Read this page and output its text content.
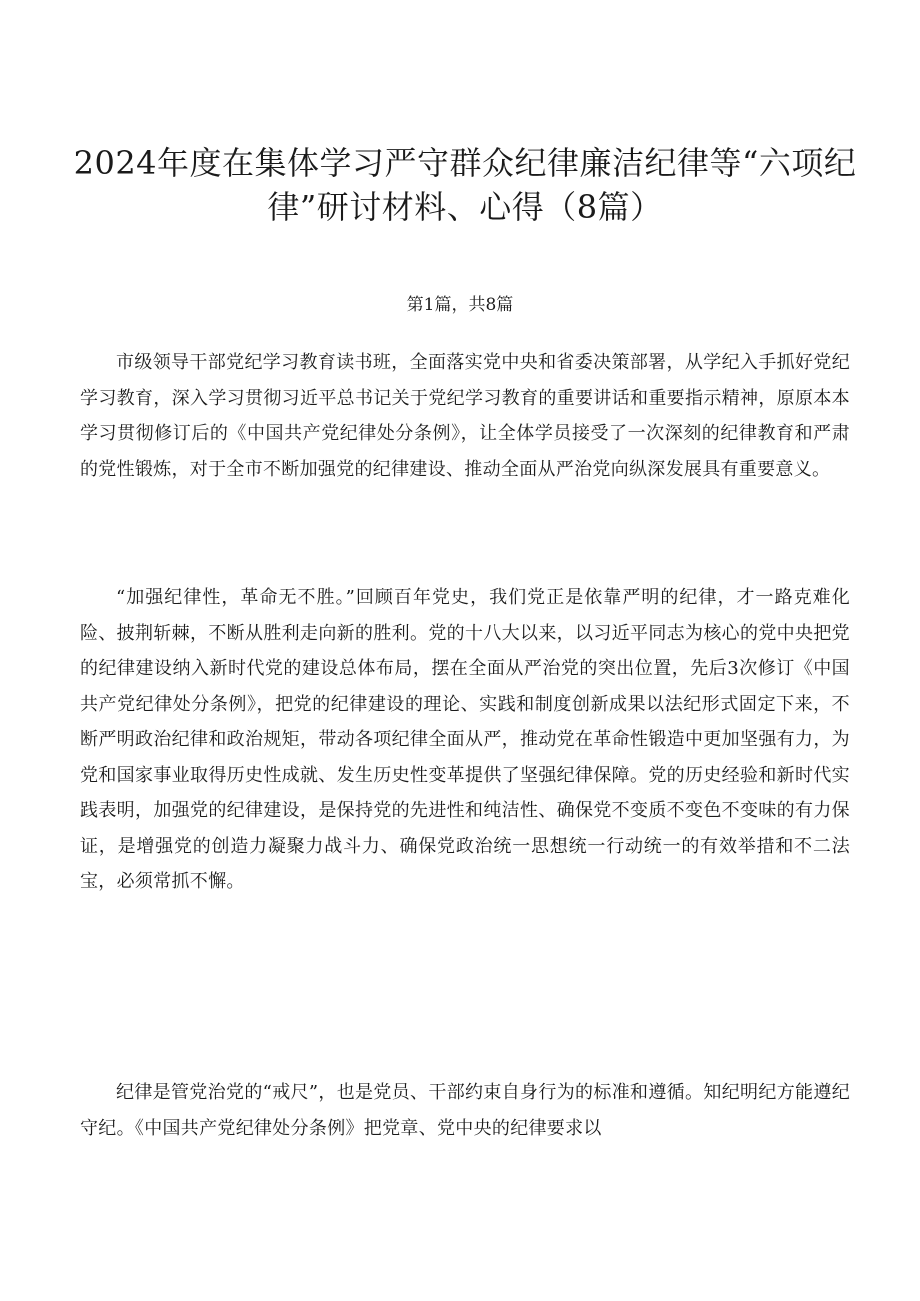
2024年度在集体学习严守群众纪律廉洁纪律等“六项纪律”研讨材料、心得（8篇）
第1篇，共8篇

市级领导干部党纪学习教育读书班，全面落实党中央和省委决策部署，从学纪入手抓好党纪学习教育，深入学习贯彻习近平总书记关于党纪学习教育的重要讲话和重要指示精神，原原本本学习贯彻修订后的《中国共产党纪律处分条例》，让全体学员接受了一次深刻的纪律教育和严肃的党性锻炼，对于全市不断加强党的纪律建设、推动全面从严治党向纵深发展具有重要意义。

“加强纪律性，革命无不胜。”回顾百年党史，我们党正是依靠严明的纪律，才一路克难化险、披荆斩棘，不断从胜利走向新的胜利。党的十八大以来，以习近平同志为核心的党中央把党的纪律建设纳入新时代党的建设总体布局，摆在全面从严治党的突出位置，先后3次修订《中国共产党纪律处分条例》，把党的纪律建设的理论、实践和制度创新成果以法纪形式固定下来，不断严明政治纪律和政治规矩，带动各项纪律全面从严，推动党在革命性锻造中更加坚强有力，为党和国家事业取得历史性成就、发生历史性变革提供了坚强纪律保障。党的历史经验和新时代实践表明，加强党的纪律建设，是保持党的先进性和纯洁性、确保党不变质不变色不变味的有力保证，是增强党的创造力凝聚力战斗力、确保党政治统一思想统一行动统一的有效举措和不二法宝，必须常抓不懈。

纪律是管党治党的“戒尺”，也是党员、干部约束自身行为的标准和遵循。知纪明纪方能遵纪守纪。《中国共产党纪律处分条例》把党章、党中央的纪律要求以
